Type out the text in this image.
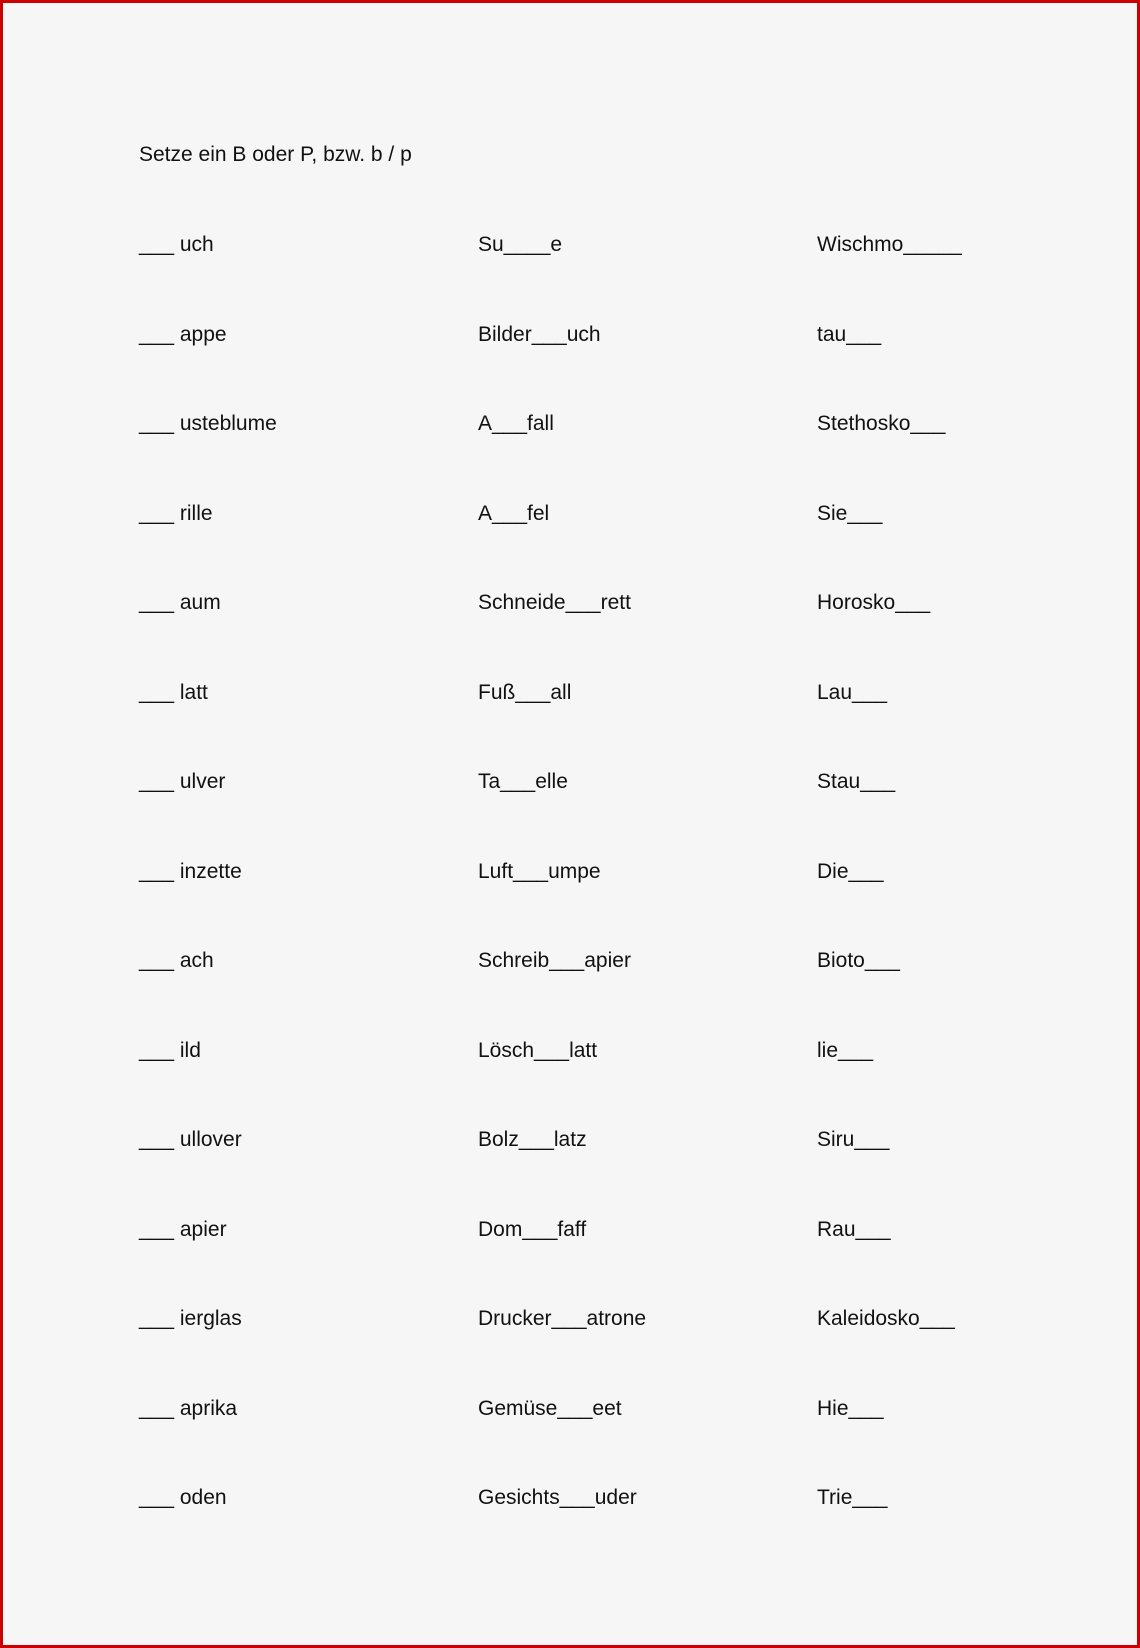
Setze ein B oder P, bzw. b / p
___ uch	Su____e	Wischmo_____
___ appe	Bilder___uch	tau___
___ usteblume	A___fall	Stethosko___
___ rille	A___fel	Sie___
___ aum	Schneide___rett	Horosko___
___ latt	Fuß___all	Lau___
___ ulver	Ta___elle	Stau___
___ inzette	Luft___umpe	Die___
___ ach	Schreib___apier	Bioto___
___ ild	Lösch___latt	lie___
___ ullover	Bolz___latz	Siru___
___ apier	Dom___faff	Rau___
___ ierglas	Drucker___atrone	Kaleidosko___
___ aprika	Gemüse___eet	Hie___
___ oden	Gesichts___uder	Trie___
